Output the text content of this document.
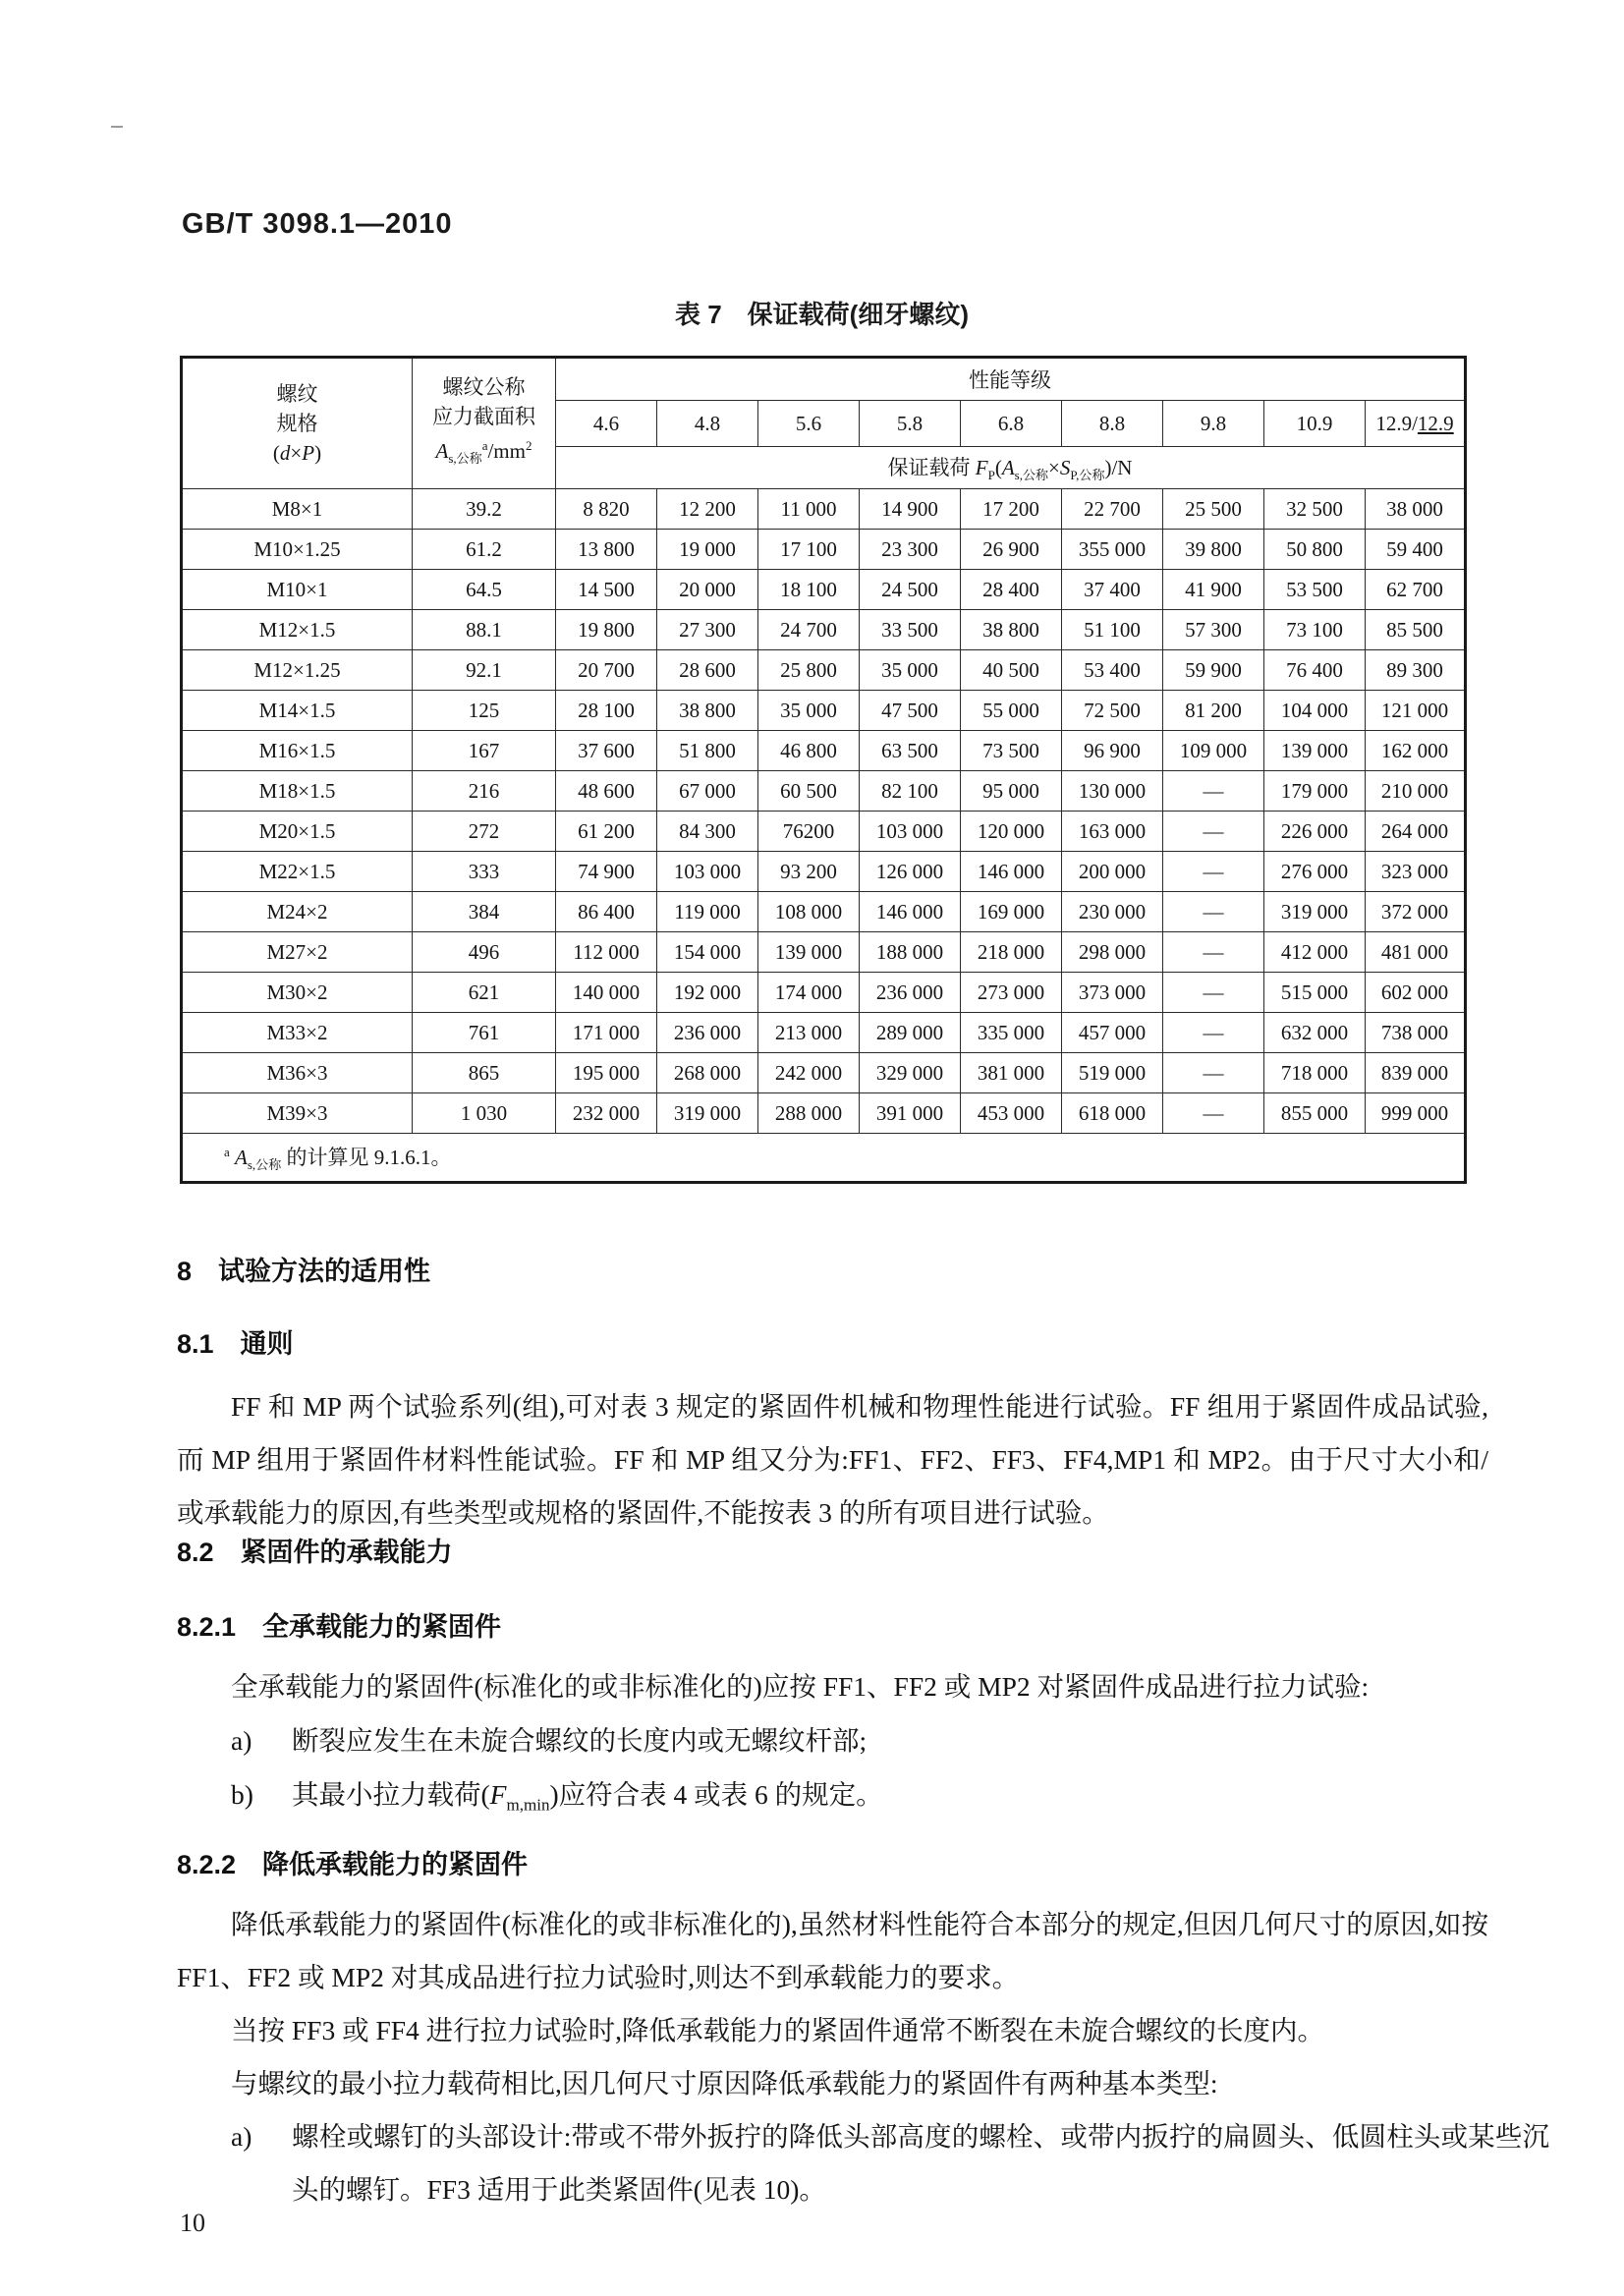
GB/T 3098.1—2010
表 7　保证载荷(细牙螺纹)
螺纹
规格
(d×P)	螺纹公称
应力截面积
$A_{s,公称}^a/mm^2$	性能等级								
		4.6	4.8	5.6	5.8	6.8	8.8	9.8	10.9	12.9/12.9
		保证载荷 $F_P(A_{s,公称}\times S_{P,公称})/N$								
M8×1	39.2	8 820	12 200	11 000	14 900	17 200	22 700	25 500	32 500	38 000
M10×1.25	61.2	13 800	19 000	17 100	23 300	26 900	355 000	39 800	50 800	59 400
M10×1	64.5	14 500	20 000	18 100	24 500	28 400	37 400	41 900	53 500	62 700
M12×1.5	88.1	19 800	27 300	24 700	33 500	38 800	51 100	57 300	73 100	85 500
M12×1.25	92.1	20 700	28 600	25 800	35 000	40 500	53 400	59 900	76 400	89 300
M14×1.5	125	28 100	38 800	35 000	47 500	55 000	72 500	81 200	104 000	121 000
M16×1.5	167	37 600	51 800	46 800	63 500	73 500	96 900	109 000	139 000	162 000
M18×1.5	216	48 600	67 000	60 500	82 100	95 000	130 000	—	179 000	210 000
M20×1.5	272	61 200	84 300	76200	103 000	120 000	163 000	—	226 000	264 000
M22×1.5	333	74 900	103 000	93 200	126 000	146 000	200 000	—	276 000	323 000
M24×2	384	86 400	119 000	108 000	146 000	169 000	230 000	—	319 000	372 000
M27×2	496	112 000	154 000	139 000	188 000	218 000	298 000	—	412 000	481 000
M30×2	621	140 000	192 000	174 000	236 000	273 000	373 000	—	515 000	602 000
M33×2	761	171 000	236 000	213 000	289 000	335 000	457 000	—	632 000	738 000
M36×3	865	195 000	268 000	242 000	329 000	381 000	519 000	—	718 000	839 000
M39×3	1 030	232 000	319 000	288 000	391 000	453 000	618 000	—	855 000	999 000
$^a$ $A_{s,公称}$ 的计算见 9.1.6.1。										
8　试验方法的适用性
8.1　通则
FF 和 MP 两个试验系列(组),可对表 3 规定的紧固件机械和物理性能进行试验。FF 组用于紧固件成品试验,而 MP 组用于紧固件材料性能试验。FF 和 MP 组又分为:FF1、FF2、FF3、FF4,MP1 和 MP2。由于尺寸大小和/或承载能力的原因,有些类型或规格的紧固件,不能按表 3 的所有项目进行试验。
8.2　紧固件的承载能力
8.2.1　全承载能力的紧固件
全承载能力的紧固件(标准化的或非标准化的)应按 FF1、FF2 或 MP2 对紧固件成品进行拉力试验:
a) 断裂应发生在未旋合螺纹的长度内或无螺纹杆部;
b) 其最小拉力载荷$(F_{m,min})$应符合表 4 或表 6 的规定。
8.2.2　降低承载能力的紧固件
降低承载能力的紧固件(标准化的或非标准化的),虽然材料性能符合本部分的规定,但因几何尺寸的原因,如按 FF1、FF2 或 MP2 对其成品进行拉力试验时,则达不到承载能力的要求。
当按 FF3 或 FF4 进行拉力试验时,降低承载能力的紧固件通常不断裂在未旋合螺纹的长度内。
与螺纹的最小拉力载荷相比,因几何尺寸原因降低承载能力的紧固件有两种基本类型:
a) 螺栓或螺钉的头部设计:带或不带外扳拧的降低头部高度的螺栓、或带内扳拧的扁圆头、低圆柱头或某些沉头的螺钉。FF3 适用于此类紧固件(见表 10)。
10
